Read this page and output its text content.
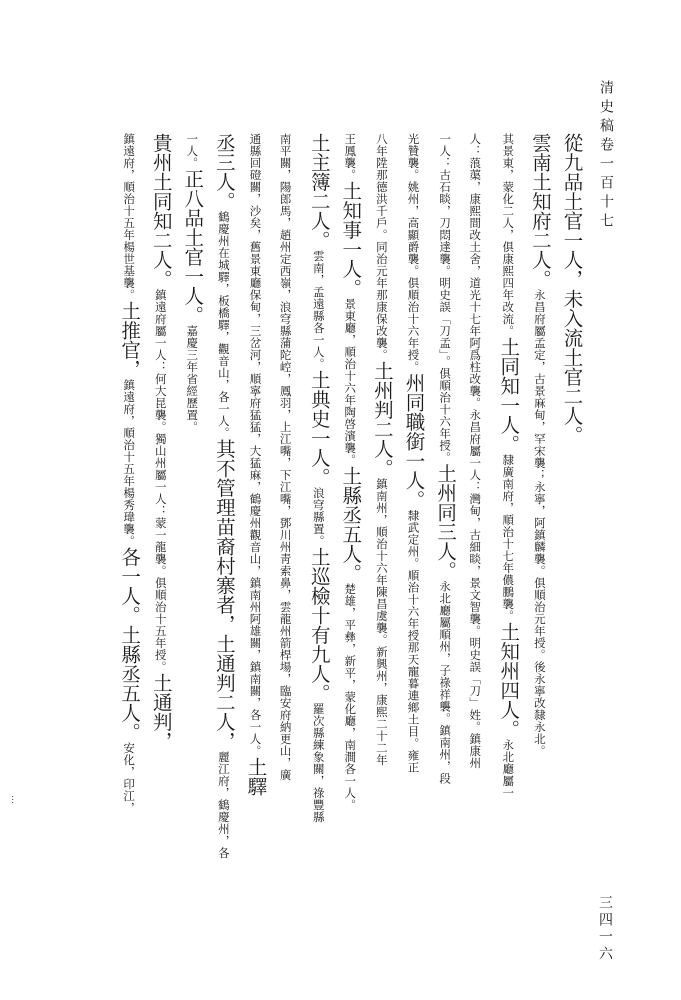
清史稿卷一百十七
三四一六
從九品土官一人，未入流土官二人。
雲南土知府二人。永昌府屬孟定，古景麻甸，罕宋襲；永寧，阿鎮麟襲。俱順治元年授。後永寧改隸永北。
其景東，蒙化二人，俱康熙四年改流。土同知一人。隸廣南府，順治十七年儂鵬襲。土知州四人。永北廳屬一
人：蒗蕖，康熙間改土舍，道光十七年阿爲柱改襲。永昌府屬一人：灣甸，古細睒，景文智襲。明史誤「刀」姓。鎮康州
一人：古石睒，刀悶達襲。明史誤「刀孟」。俱順治十六年授。土州同三人。永北廳屬順州，子祿祥襲。鎮南州，段
光贊襲。姚州，高顯爵襲。俱順治十六年授。州同職銜一人。隸武定州。順治十六年授那天寵暮連鄉土目。雍正
八年陞那德洪千戶。同治元年那康保改襲。土州判二人。鎮南州，順治十六年陳昌虞襲。新興州，康熙二十二年
王鳳襲。土知事一人。景東廳，順治十六年陶啓濱襲。土縣丞五人。楚雄，平彝，新平，蒙化廳，南澗各一人。
土主簿二人。雲南，孟遠縣各一人。土典史一人。浪穹縣置。土巡檢十有九人。羅次縣練象關，祿豐縣
南平關，陽郎馬，趙州定西嶺，浪穹縣蒲陀崆，鳳羽，上江嘴，下江嘴，鄧川州靑索鼻，雲龍州箭桿場，臨安府納更山，廣
通縣回磴關，沙矣，舊景東廳保甸，三岔河，順寧府猛猛，大猛麻，鶴慶州觀音山，鎮南州阿雄關，鎮南關，各一人。土驛
丞三人。鶴慶州在城驛，板橋驛，觀音山，各一人。其不管理苗裔村寨者，土通判二人，麗江府，鶴慶州，各
一人。正八品土官一人。嘉慶三年省經歷置。
貴州土同知二人。鎮遠府屬一人：何大昆襲。獨山州屬一人：蒙一龍襲。俱順治十五年授。土通判，
鎮遠府，順治十五年楊世基襲。土推官，鎮遠府，順治十五年楊秀瑋襲。各一人。土縣丞五人。安化，印江，
…
